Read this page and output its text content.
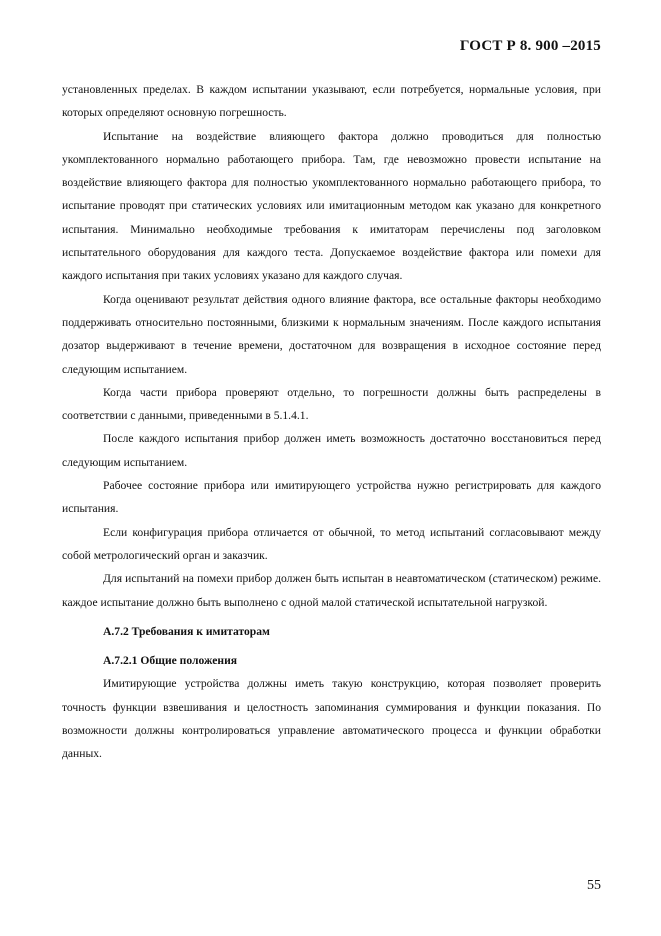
ГОСТ Р 8. 900 –2015

установленных пределах. В каждом испытании указывают, если потребуется, нормальные условия, при которых определяют основную погрешность.

Испытание на воздействие влияющего фактора должно проводиться для полностью укомплектованного нормально работающего прибора. Там, где невозможно провести испытание на воздействие влияющего фактора для полностью укомплектованного нормально работающего прибора, то испытание проводят при статических условиях или имитационным методом как указано для конкретного испытания. Минимально необходимые требования к имитаторам перечислены под заголовком испытательного оборудования для каждого теста. Допускаемое воздействие фактора или помехи для каждого испытания при таких условиях указано для каждого случая.

Когда оценивают результат действия одного влияние фактора, все остальные факторы необходимо поддерживать относительно постоянными, близкими к нормальным значениям. После каждого испытания дозатор выдерживают в течение времени, достаточном для возвращения в исходное состояние перед следующим испытанием.

Когда части прибора проверяют отдельно, то погрешности должны быть распределены в соответствии с данными, приведенными в 5.1.4.1.

После каждого испытания прибор должен иметь возможность достаточно восстановиться перед следующим испытанием.

Рабочее состояние прибора или имитирующего устройства нужно регистрировать для каждого испытания.

Если конфигурация прибора отличается от обычной, то метод испытаний согласовывают между собой метрологический орган и заказчик.

Для испытаний на помехи прибор должен быть испытан в неавтоматическом (статическом) режиме. каждое испытание должно быть выполнено с одной малой статической испытательной нагрузкой.

А.7.2 Требования к имитаторам

А.7.2.1 Общие положения

Имитирующие устройства должны иметь такую конструкцию, которая позволяет проверить точность функции взвешивания и целостность запоминания суммирования и функции показания. По возможности должны контролироваться управление автоматического процесса и функции обработки данных.

55
